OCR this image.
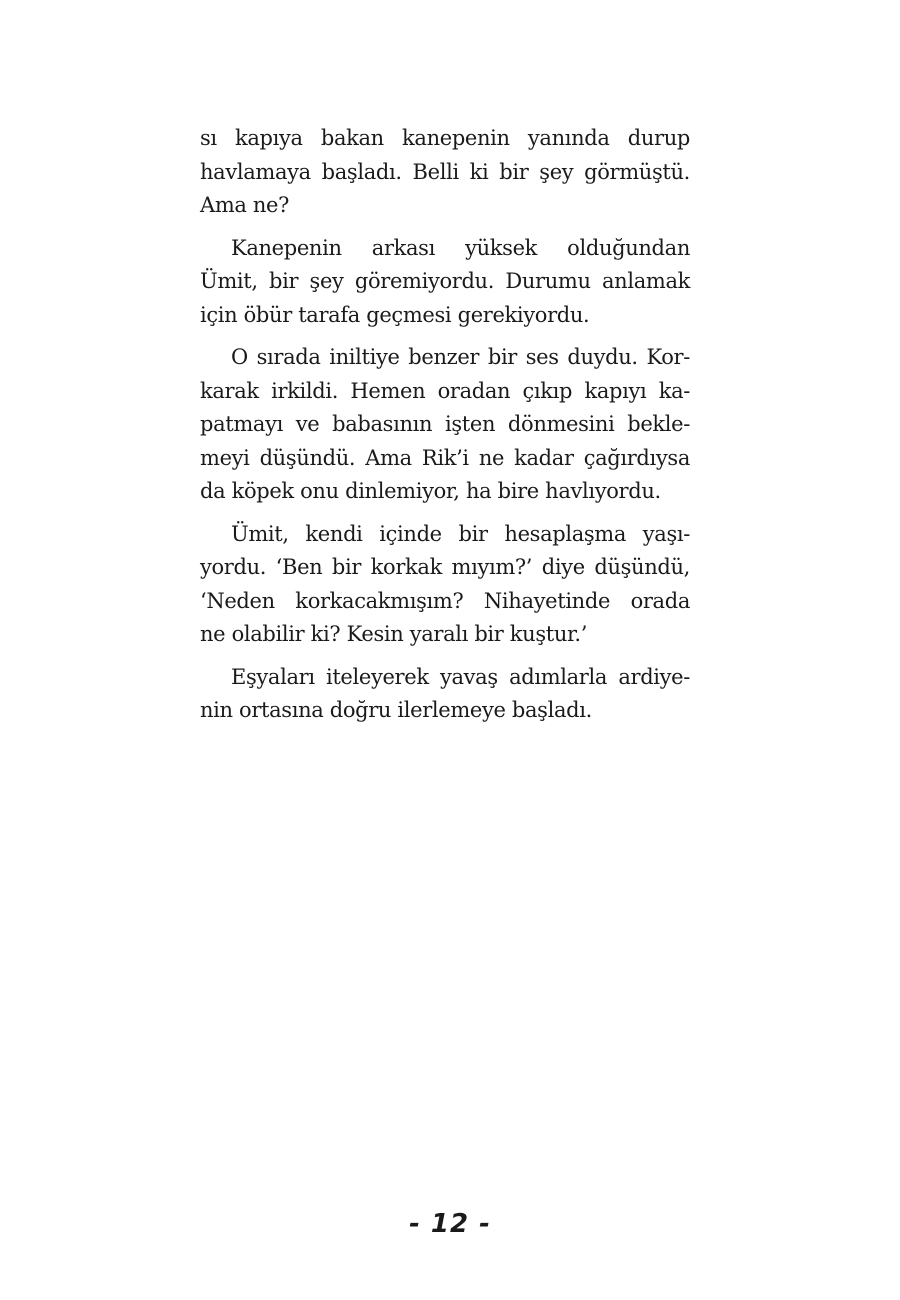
sı kapıya bakan kanepenin yanında durup
havlamaya başladı. Belli ki bir şey görmüştü.
Ama ne?

Kanepenin arkası yüksek olduğundan
Ümit, bir şey göremiyordu. Durumu anlamak
için öbür tarafa geçmesi gerekiyordu.

O sırada iniltiye benzer bir ses duydu. Kor-
karak irkildi. Hemen oradan çıkıp kapıyı ka-
patmayı ve babasının işten dönmesini bekle-
meyi düşündü. Ama Rik’i ne kadar çağırdıysa
da köpek onu dinlemiyor, ha bire havlıyordu.

Ümit, kendi içinde bir hesaplaşma yaşı-
yordu. ‘Ben bir korkak mıyım?’ diye düşündü,
‘Neden korkacakmışım? Nihayetinde orada
ne olabilir ki? Kesin yaralı bir kuştur.’

Eşyaları iteleyerek yavaş adımlarla ardiye-
nin ortasına doğru ilerlemeye başladı.

- 12 -
